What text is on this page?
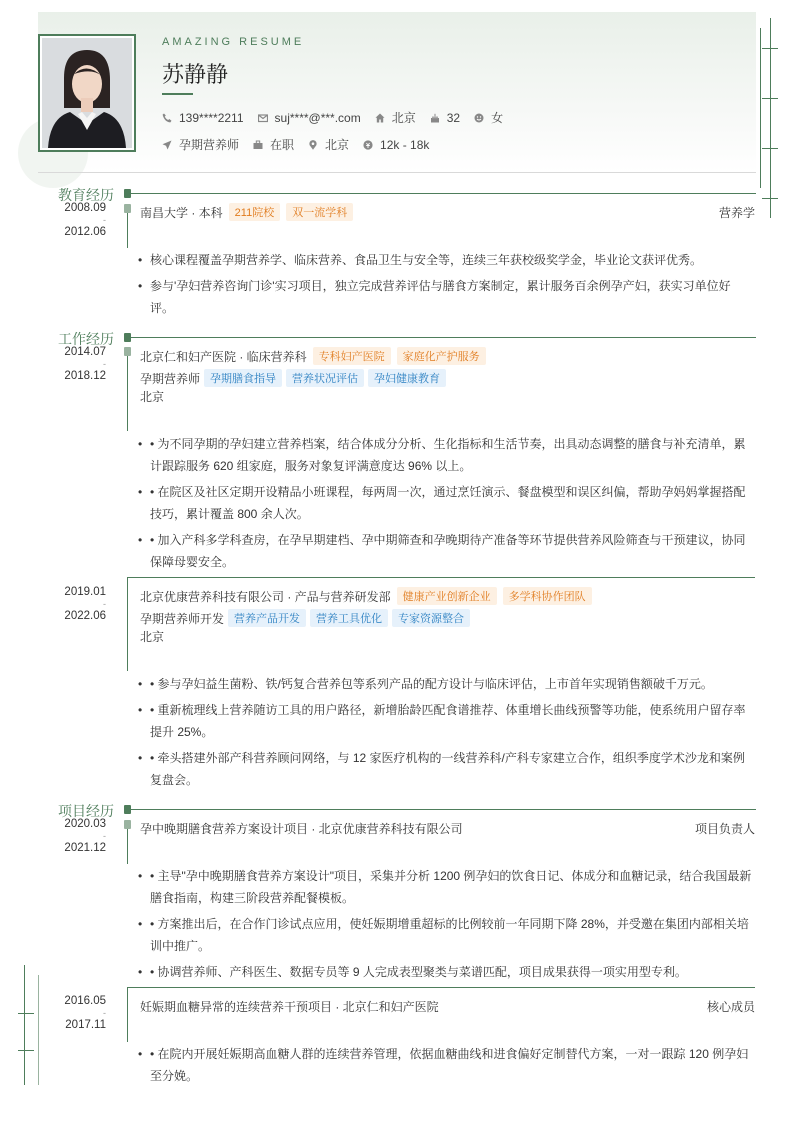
AMAZING RESUME
苏静静
139****2211	suj****@***.com	北京	32	女
孕期营养师	在职	北京	12k - 18k
教育经历
2008.09
-
2012.06
南昌大学 · 本科	211院校	双一流学科	营养学
• 核心课程覆盖孕期营养学、临床营养、食品卫生与安全等，连续三年获校级奖学金，毕业论文获评优秀。
• 参与'孕妇营养咨询门诊'实习项目，独立完成营养评估与膳食方案制定，累计服务百余例孕产妇，获实习单位好评。
工作经历
2014.07
-
2018.12
北京仁和妇产医院 · 临床营养科	专科妇产医院	家庭化产护服务
孕期营养师 孕期膳食指导	营养状况评估	孕妇健康教育
北京
• • 为不同孕期的孕妇建立营养档案，结合体成分分析、生化指标和生活节奏，出具动态调整的膳食与补充清单，累计跟踪服务 620 组家庭，服务对象复评满意度达 96% 以上。
• • 在院区及社区定期开设精品小班课程，每两周一次，通过烹饪演示、餐盘模型和误区纠偏，帮助孕妈妈掌握搭配技巧，累计覆盖 800 余人次。
• • 加入产科多学科查房，在孕早期建档、孕中期筛查和孕晚期待产准备等环节提供营养风险筛查与干预建议，协同保障母婴安全。
2019.01
-
2022.06
北京优康营养科技有限公司 · 产品与营养研发部	健康产业创新企业	多学科协作团队
孕期营养师开发 营养产品开发	营养工具优化	专家资源整合
北京
• • 参与孕妇益生菌粉、铁/钙复合营养包等系列产品的配方设计与临床评估，上市首年实现销售额破千万元。
• • 重新梳理线上营养随访工具的用户路径，新增胎龄匹配食谱推荐、体重增长曲线预警等功能，使系统用户留存率提升 25%。
• • 牵头搭建外部产科营养顾问网络，与 12 家医疗机构的一线营养科/产科专家建立合作，组织季度学术沙龙和案例复盘会。
项目经历
2020.03
-
2021.12
孕中晚期膳食营养方案设计项目 · 北京优康营养科技有限公司	项目负责人
• • 主导"孕中晚期膳食营养方案设计"项目，采集并分析 1200 例孕妇的饮食日记、体成分和血糖记录，结合我国最新膳食指南，构建三阶段营养配餐模板。
• • 方案推出后，在合作门诊试点应用，使妊娠期增重超标的比例较前一年同期下降 28%，并受邀在集团内部相关培训中推广。
• • 协调营养师、产科医生、数据专员等 9 人完成表型聚类与菜谱匹配，项目成果获得一项实用型专利。
2016.05
-
2017.11
妊娠期血糖异常的连续营养干预项目 · 北京仁和妇产医院	核心成员
• • 在院内开展妊娠期高血糖人群的连续营养管理，依据血糖曲线和进食偏好定制替代方案，一对一跟踪 120 例孕妇至分娩。
